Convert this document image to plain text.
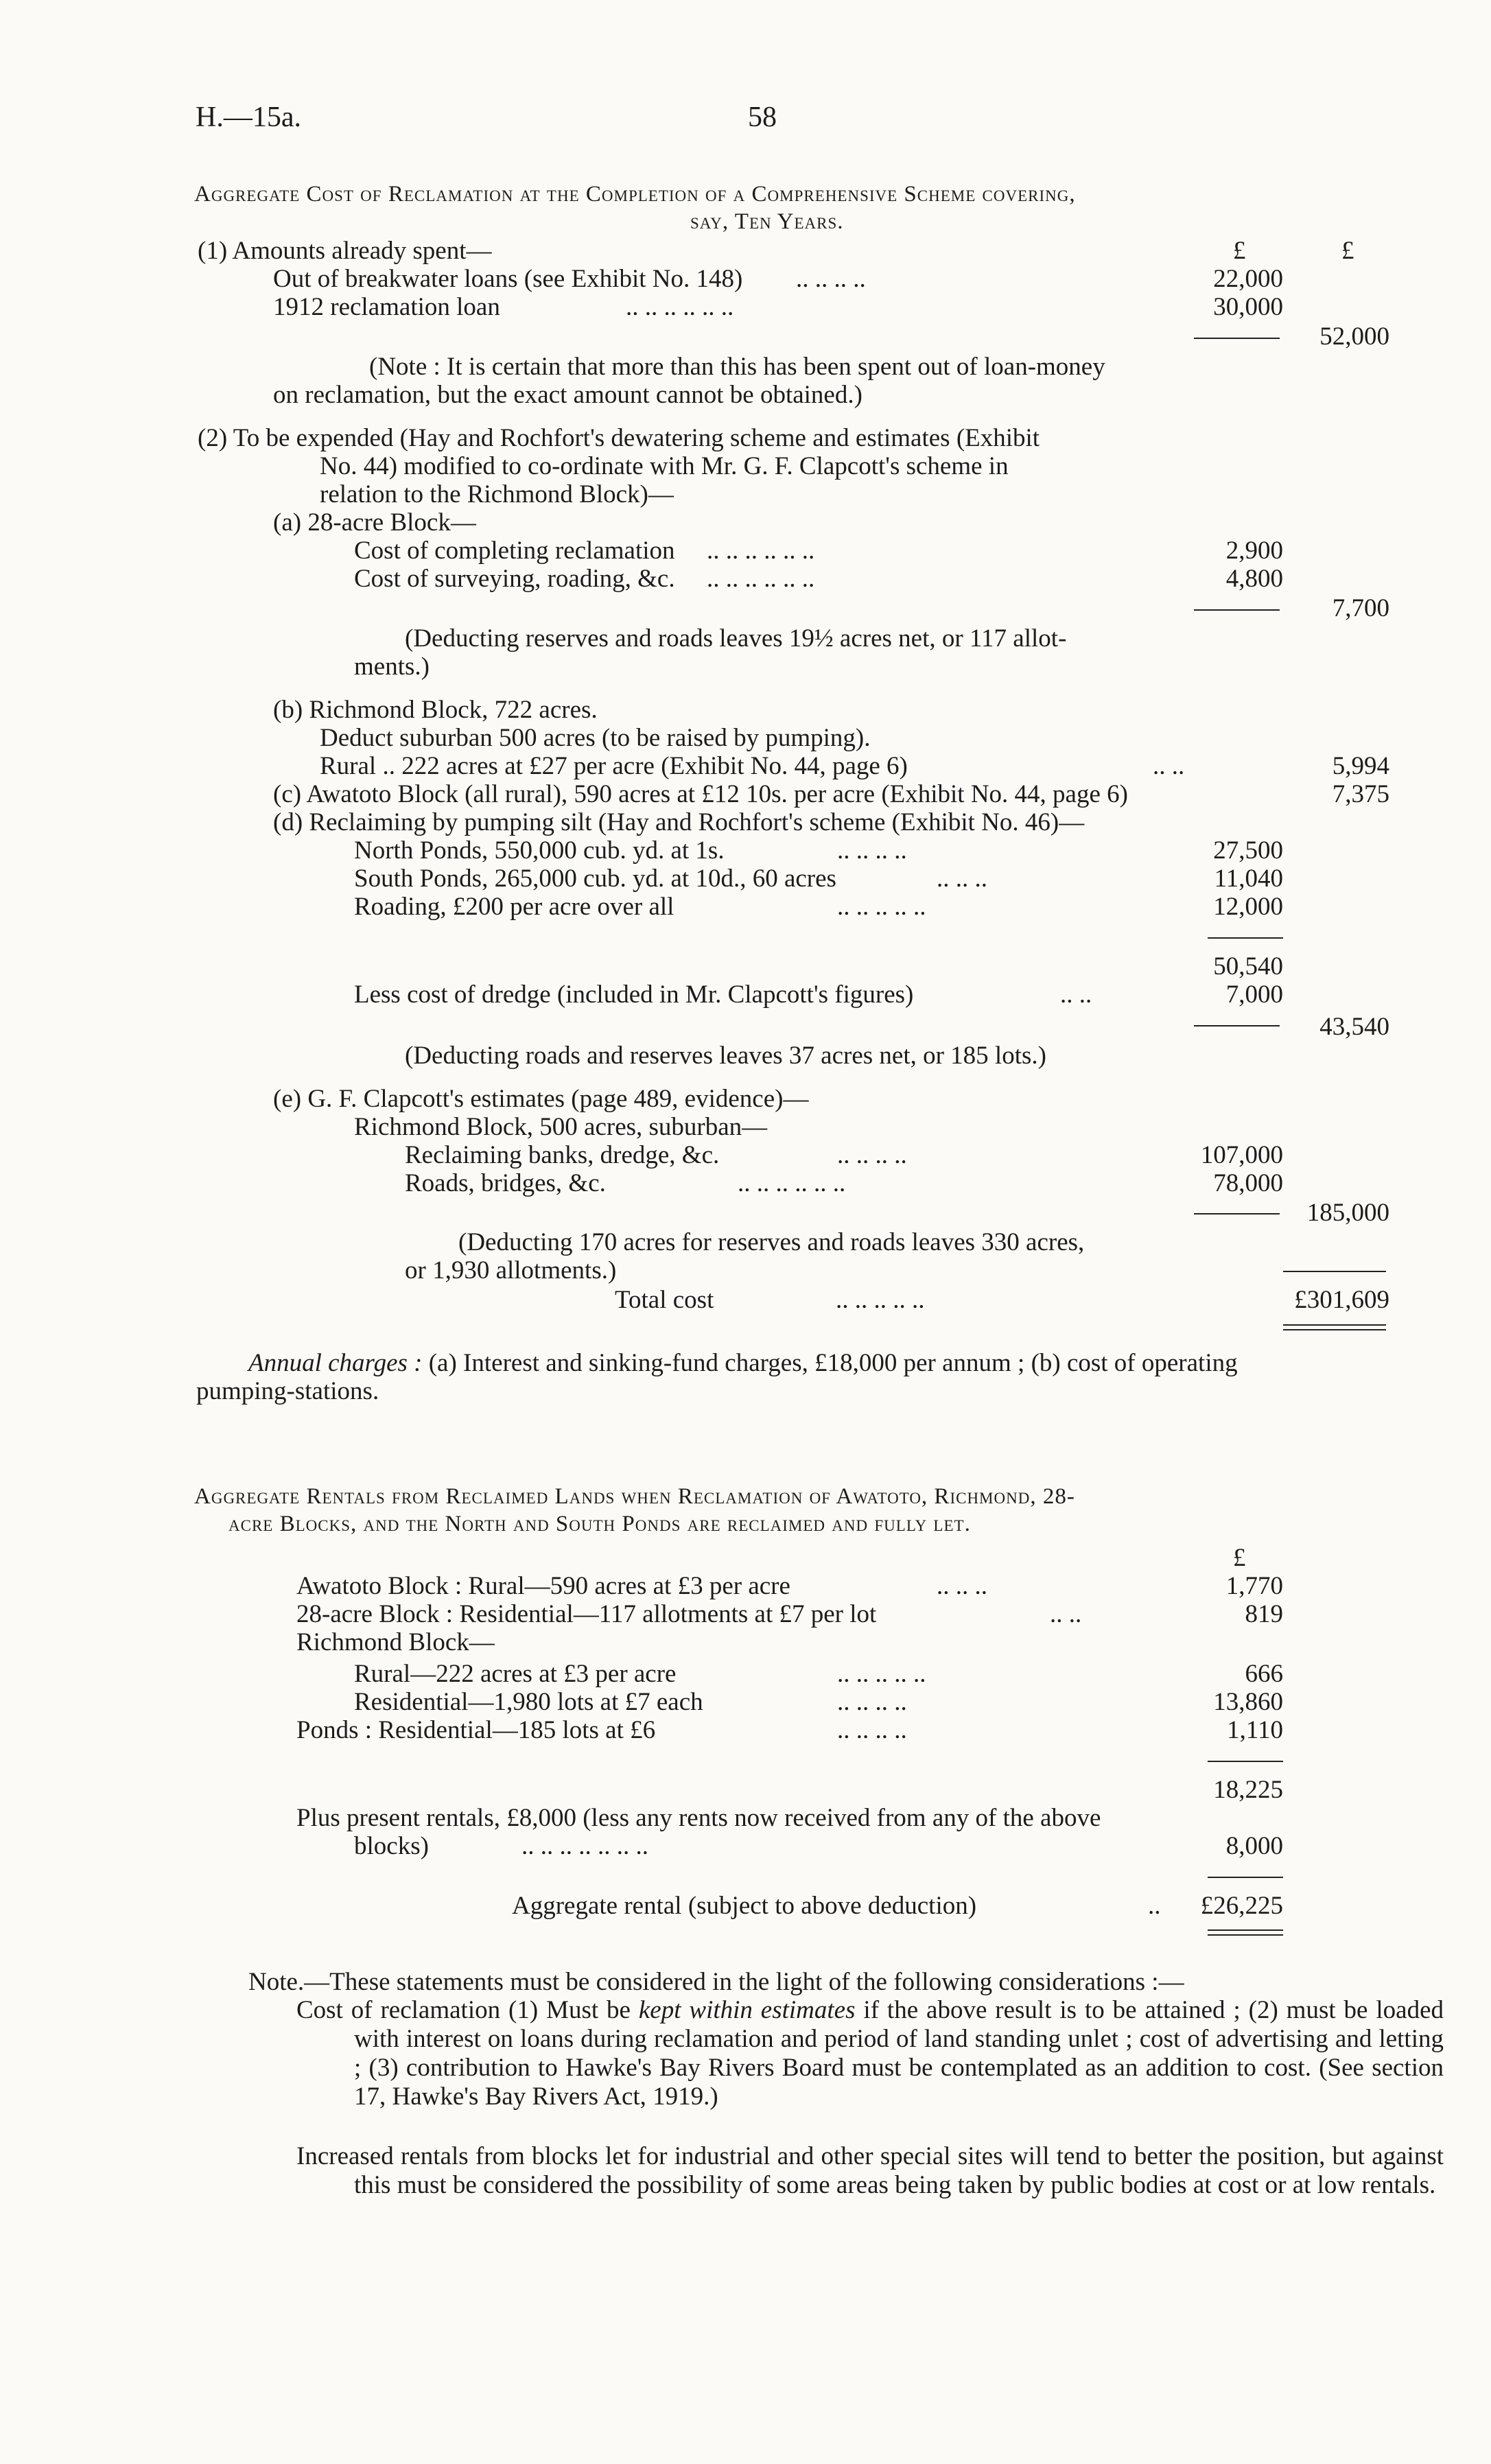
H.—15a.	58
Aggregate Cost of Reclamation at the Completion of a Comprehensive Scheme covering,
say, Ten Years.
£	£
(1) Amounts already spent—
Out of breakwater loans (see Exhibit No. 148) .. .. .. ..	22,000
1912 reclamation loan	.. .. .. .. .. ..	30,000
52,000
(Note : It is certain that more than this has been spent out of loan-money
on reclamation, but the exact amount cannot be obtained.)
(2) To be expended (Hay and Rochfort's dewatering scheme and estimates (Exhibit
No. 44) modified to co-ordinate with Mr. G. F. Clapcott's scheme in
relation to the Richmond Block)—
(a) 28-acre Block—
Cost of completing reclamation .. .. .. .. .. ..	2,900
Cost of surveying, roading, &c. .. .. .. .. .. ..	4,800
7,700
(Deducting reserves and roads leaves 19½ acres net, or 117 allot-
ments.)
(b) Richmond Block, 722 acres.
Deduct suburban 500 acres (to be raised by pumping).
Rural .. 222 acres at £27 per acre (Exhibit No. 44, page 6)	.. ..	5,994
(c) Awatoto Block (all rural), 590 acres at £12 10s. per acre (Exhibit No. 44, page 6)	7,375
(d) Reclaiming by pumping silt (Hay and Rochfort's scheme (Exhibit No. 46)—
North Ponds, 550,000 cub. yd. at 1s.	.. .. .. ..	27,500
South Ponds, 265,000 cub. yd. at 10d., 60 acres	.. .. ..	11,040
Roading, £200 per acre over all	.. .. .. .. ..	12,000
50,540
Less cost of dredge (included in Mr. Clapcott's figures)	.. ..	7,000
43,540
(Deducting roads and reserves leaves 37 acres net, or 185 lots.)
(e) G. F. Clapcott's estimates (page 489, evidence)—
Richmond Block, 500 acres, suburban—
Reclaiming banks, dredge, &c.	.. .. .. ..	107,000
Roads, bridges, &c.	.. .. .. .. .. ..	78,000
185,000
(Deducting 170 acres for reserves and roads leaves 330 acres,
or 1,930 allotments.)
Total cost	.. .. .. .. ..	£301,609
Annual charges : (a) Interest and sinking-fund charges, £18,000 per annum ; (b) cost of operating
pumping-stations.
Aggregate Rentals from Reclaimed Lands when Reclamation of Awatoto, Richmond, 28-
acre Blocks, and the North and South Ponds are reclaimed and fully let.
£
Awatoto Block : Rural—590 acres at £3 per acre	.. .. ..	1,770
28-acre Block : Residential—117 allotments at £7 per lot	.. ..	819
Richmond Block—
Rural—222 acres at £3 per acre	.. .. .. .. ..	666
Residential—1,980 lots at £7 each	.. .. .. ..	13,860
Ponds : Residential—185 lots at £6	.. .. .. ..	1,110
18,225
Plus present rentals, £8,000 (less any rents now received from any of the above
blocks)	.. .. .. .. .. .. ..	8,000
Aggregate rental (subject to above deduction)	..	£26,225
Note.—These statements must be considered in the light of the following considerations :—
Cost of reclamation (1) Must be kept within estimates if the above result is to be attained ; (2) must be loaded with interest on loans during reclamation and period of land standing unlet ; cost of advertising and letting ; (3) contribution to Hawke's Bay Rivers Board must be contemplated as an addition to cost. (See section 17, Hawke's Bay Rivers Act, 1919.)
Increased rentals from blocks let for industrial and other special sites will tend to better the position, but against this must be considered the possibility of some areas being taken by public bodies at cost or at low rentals.
